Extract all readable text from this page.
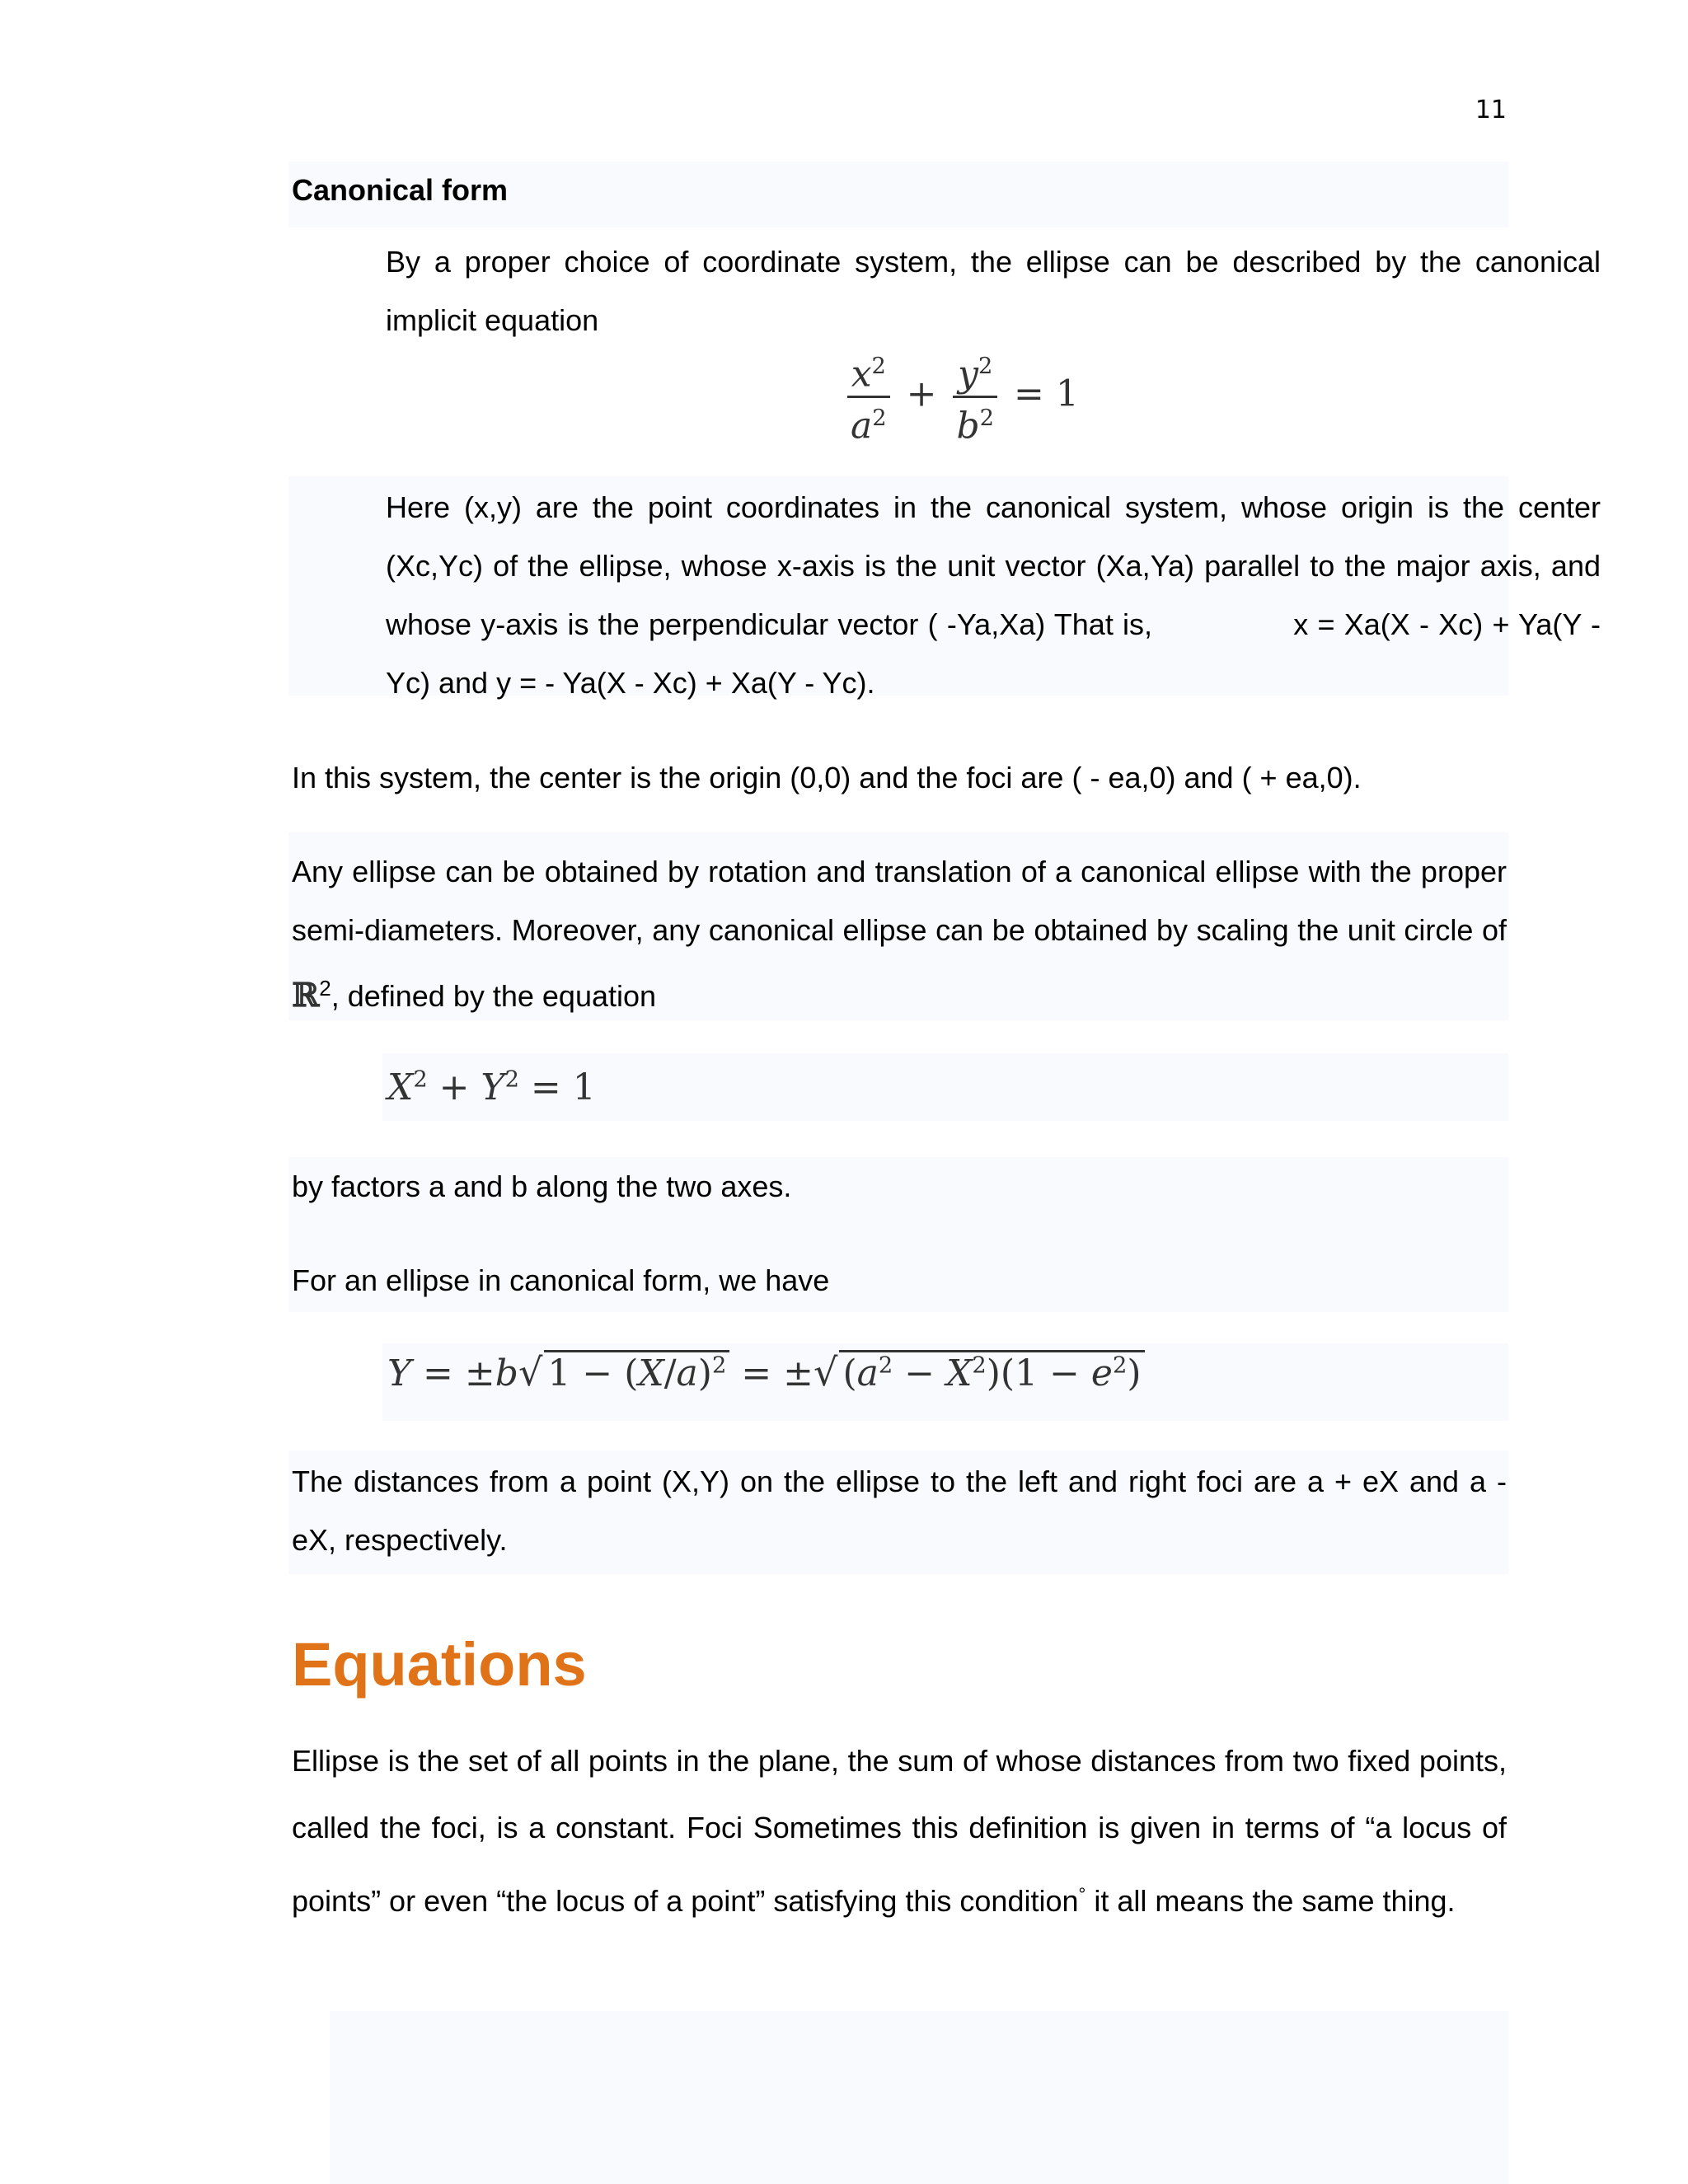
11
Canonical form

By a proper choice of coordinate system, the ellipse can be described by the canonical implicit equation

$\frac{x^2}{a^2} + \frac{y^2}{b^2} = 1$

Here (x,y) are the point coordinates in the canonical system, whose origin is the center (Xc,Yc) of the ellipse, whose x-axis is the unit vector (Xa,Ya) parallel to the major axis, and whose y-axis is the perpendicular vector ( -Ya,Xa) That is,	x = Xa(X - Xc) + Ya(Y - Yc) and y = - Ya(X - Xc) + Xa(Y - Yc).

In this system, the center is the origin (0,0) and the foci are ( - ea,0) and ( + ea,0).

Any ellipse can be obtained by rotation and translation of a canonical ellipse with the proper semi-diameters. Moreover, any canonical ellipse can be obtained by scaling the unit circle of ℝ$^2$, defined by the equation

$X^2 + Y^2 = 1$

by factors a and b along the two axes.

For an ellipse in canonical form, we have

Y = ±b√ $1 - (X/a)^2$ = ±√ $(a^2 - X^2)(1 - e^2)$

The distances from a point (X,Y) on the ellipse to the left and right foci are a + eX and a - eX, respectively.

Equations

Ellipse is the set of all points in the plane, the sum of whose distances from two fixed points, called the foci, is a constant. Foci Sometimes this definition is given in terms of “a locus of points” or even “the locus of a point” satisfying this condition° it all means the same thing.
